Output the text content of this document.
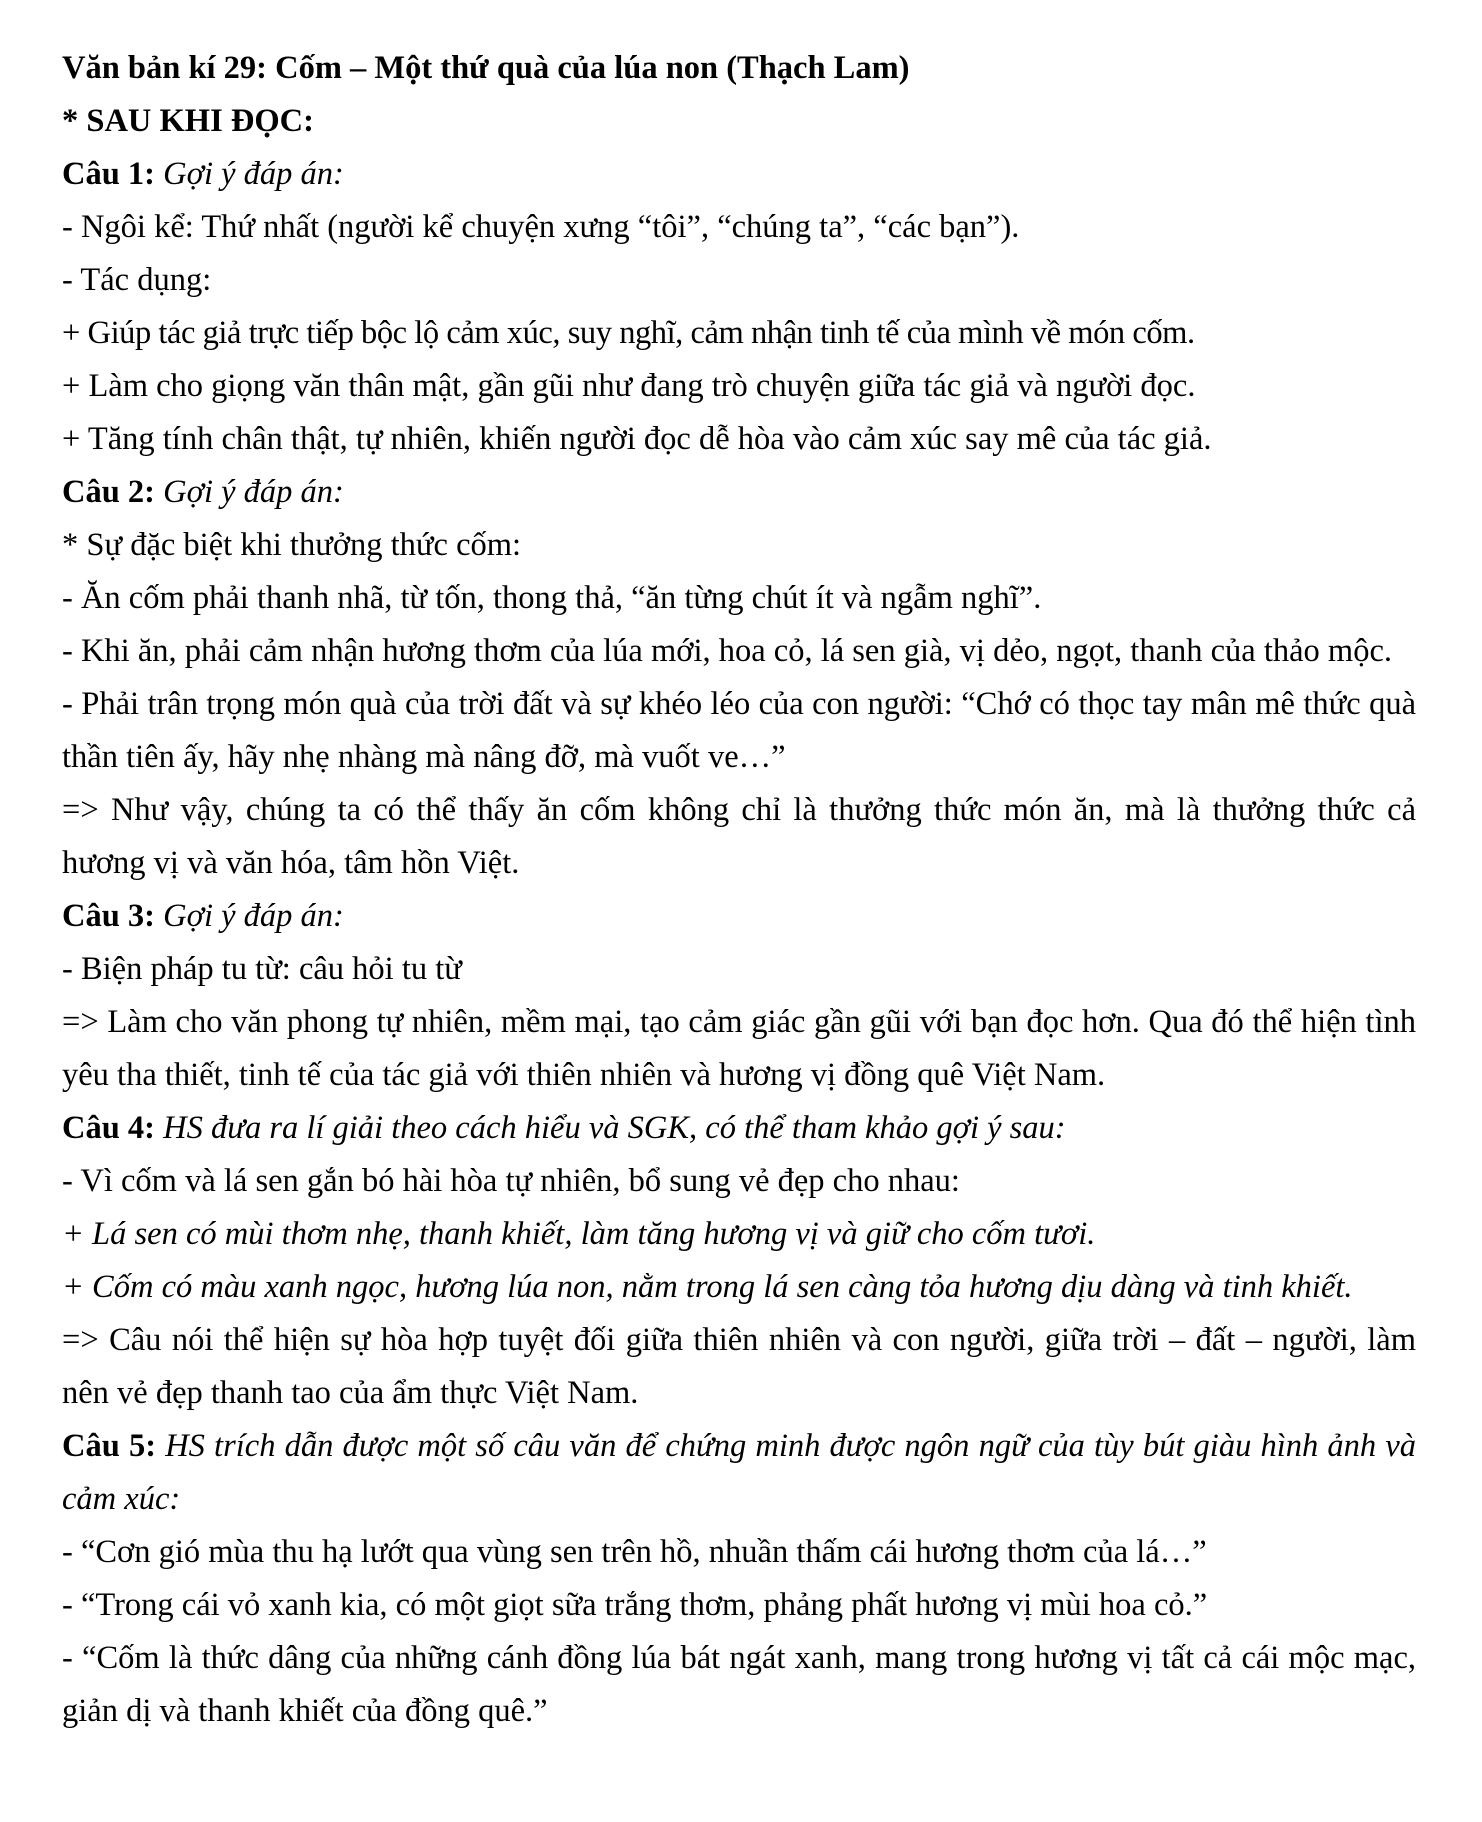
Văn bản kí 29: Cốm – Một thứ quà của lúa non (Thạch Lam)

* SAU KHI ĐỌC:

Câu 1: Gợi ý đáp án:

- Ngôi kể: Thứ nhất (người kể chuyện xưng “tôi”, “chúng ta”, “các bạn”).

- Tác dụng:

+ Giúp tác giả trực tiếp bộc lộ cảm xúc, suy nghĩ, cảm nhận tinh tế của mình về món cốm.

+ Làm cho giọng văn thân mật, gần gũi như đang trò chuyện giữa tác giả và người đọc.

+ Tăng tính chân thật, tự nhiên, khiến người đọc dễ hòa vào cảm xúc say mê của tác giả.

Câu 2: Gợi ý đáp án:

* Sự đặc biệt khi thưởng thức cốm:

- Ăn cốm phải thanh nhã, từ tốn, thong thả, “ăn từng chút ít và ngẫm nghĩ”.

- Khi ăn, phải cảm nhận hương thơm của lúa mới, hoa cỏ, lá sen già, vị dẻo, ngọt, thanh của thảo mộc.

- Phải trân trọng món quà của trời đất và sự khéo léo của con người: “Chớ có thọc tay mân mê thức quà thần tiên ấy, hãy nhẹ nhàng mà nâng đỡ, mà vuốt ve…”

=> Như vậy, chúng ta có thể thấy ăn cốm không chỉ là thưởng thức món ăn, mà là thưởng thức cả hương vị và văn hóa, tâm hồn Việt.

Câu 3: Gợi ý đáp án:

- Biện pháp tu từ: câu hỏi tu từ

=> Làm cho văn phong tự nhiên, mềm mại, tạo cảm giác gần gũi với bạn đọc hơn. Qua đó thể hiện tình yêu tha thiết, tinh tế của tác giả với thiên nhiên và hương vị đồng quê Việt Nam.

Câu 4: HS đưa ra lí giải theo cách hiểu và SGK, có thể tham khảo gợi ý sau:

- Vì cốm và lá sen gắn bó hài hòa tự nhiên, bổ sung vẻ đẹp cho nhau:

+ Lá sen có mùi thơm nhẹ, thanh khiết, làm tăng hương vị và giữ cho cốm tươi.

+ Cốm có màu xanh ngọc, hương lúa non, nằm trong lá sen càng tỏa hương dịu dàng và tinh khiết.

=> Câu nói thể hiện sự hòa hợp tuyệt đối giữa thiên nhiên và con người, giữa trời – đất – người, làm nên vẻ đẹp thanh tao của ẩm thực Việt Nam.

Câu 5: HS trích dẫn được một số câu văn để chứng minh được ngôn ngữ của tùy bút giàu hình ảnh và cảm xúc:

- “Cơn gió mùa thu hạ lướt qua vùng sen trên hồ, nhuần thấm cái hương thơm của lá…”

- “Trong cái vỏ xanh kia, có một giọt sữa trắng thơm, phảng phất hương vị mùi hoa cỏ.”

- “Cốm là thức dâng của những cánh đồng lúa bát ngát xanh, mang trong hương vị tất cả cái mộc mạc, giản dị và thanh khiết của đồng quê.”
